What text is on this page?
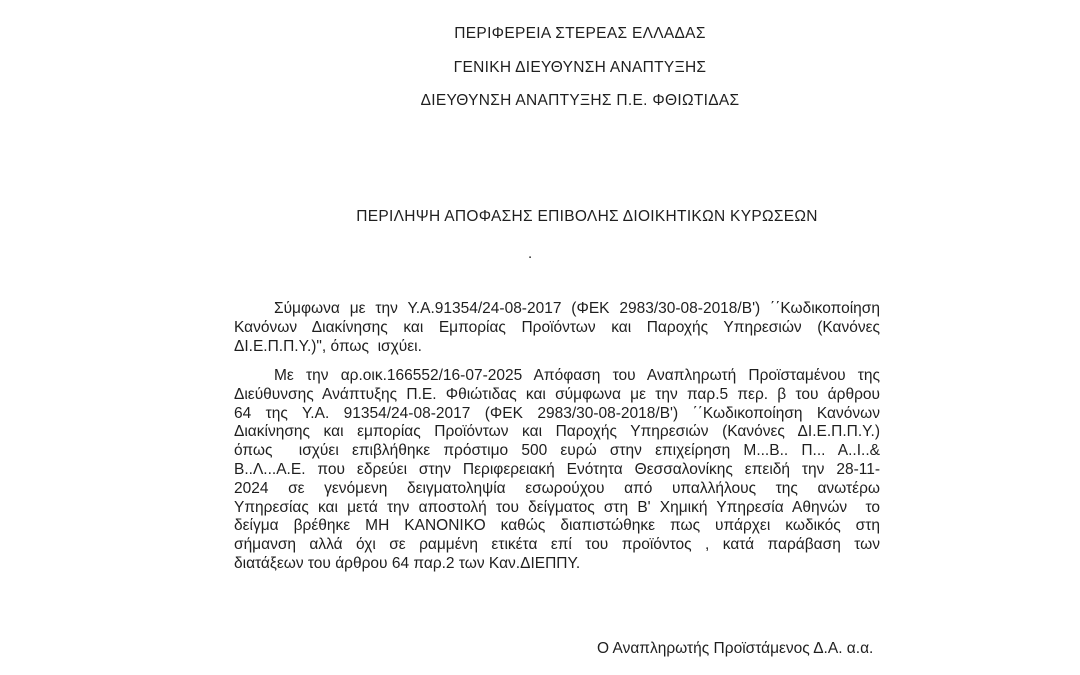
ΠΕΡΙΦΕΡΕΙΑ ΣΤΕΡΕΑΣ ΕΛΛΑΔΑΣ
ΓΕΝΙΚΗ ΔΙΕΥΘΥΝΣΗ ΑΝΑΠΤΥΞΗΣ
ΔΙΕΥΘΥΝΣΗ ΑΝΑΠΤΥΞΗΣ Π.Ε. ΦΘΙΩΤΙΔΑΣ
ΠΕΡΙΛΗΨΗ ΑΠΟΦΑΣΗΣ ΕΠΙΒΟΛΗΣ ΔΙΟΙΚΗΤΙΚΩΝ ΚΥΡΩΣΕΩΝ
.
Σύμφωνα με την Υ.Α.91354/24-08-2017 (ΦΕΚ 2983/30-08-2018/Β') ΄΄Κωδικοποίηση
Κανόνων Διακίνησης και Εμπορίας Προϊόντων και Παροχής Υπηρεσιών (Κανόνες
ΔΙ.Ε.Π.Π.Υ.)", όπως  ισχύει.
Με την αρ.οικ.166552/16-07-2025 Απόφαση του Αναπληρωτή Προϊσταμένου της
Διεύθυνσης Ανάπτυξης Π.Ε. Φθιώτιδας και σύμφωνα με την παρ.5 περ. β του άρθρου
64 της Υ.Α. 91354/24-08-2017 (ΦΕΚ 2983/30-08-2018/Β') ΄΄Κωδικοποίηση Κανόνων
Διακίνησης και εμπορίας Προϊόντων και Παροχής Υπηρεσιών (Κανόνες ΔΙ.Ε.Π.Π.Υ.)
όπως  ισχύει επιβλήθηκε πρόστιμο 500 ευρώ στην επιχείρηση Μ...Β.. Π... Α..Ι..&
Β..Λ...Α.Ε. που εδρεύει στην Περιφερειακή Ενότητα Θεσσαλονίκης επειδή την 28-11-
2024 σε γενόμενη δειγματοληψία εσωρούχου από υπαλλήλους της ανωτέρω
Υπηρεσίας και μετά την αποστολή του δείγματος στη Β' Χημική Υπηρεσία Αθηνών  το
δείγμα βρέθηκε ΜΗ ΚΑΝΟΝΙΚΟ καθώς διαπιστώθηκε πως υπάρχει κωδικός στη
σήμανση αλλά όχι σε ραμμένη ετικέτα επί του προϊόντος , κατά παράβαση των
διατάξεων του άρθρου 64 παρ.2 των Καν.ΔΙΕΠΠΥ.
Ο Αναπληρωτής Προϊστάμενος Δ.Α. α.α.
